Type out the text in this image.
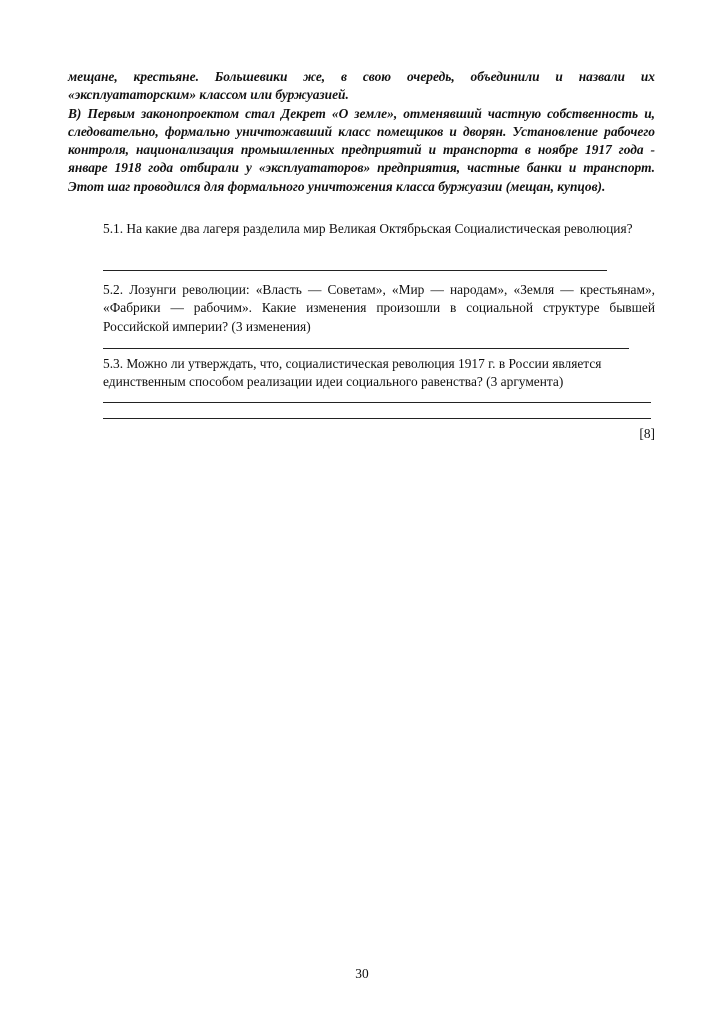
мещане, крестьяне. Большевики же, в свою очередь, объединили и назвали их «эксплуататорским» классом или буржуазией.

В) Первым законопроектом стал Декрет «О земле», отменявший частную собственность и, следовательно, формально уничтожавший класс помещиков и дворян. Установление рабочего контроля, национализация промышленных предприятий и транспорта в ноябре 1917 года - январе 1918 года отбирали у «эксплуататоров» предприятия, частные банки и транспорт. Этот шаг проводился для формального уничтожения класса буржуазии (мещан, купцов).

5.1. На какие два лагеря разделила мир Великая Октябрьская Социалистическая революция?
5.2. Лозунги революции: «Власть — Советам», «Мир — народам», «Земля — крестьянам», «Фабрики — рабочим». Какие изменения произошли в социальной структуре бывшей Российской империи? (3 изменения)
5.3. Можно ли утверждать, что, социалистическая революция 1917 г. в России является единственным способом реализации идеи социального равенства? (3 аргумента)
[8]
30
